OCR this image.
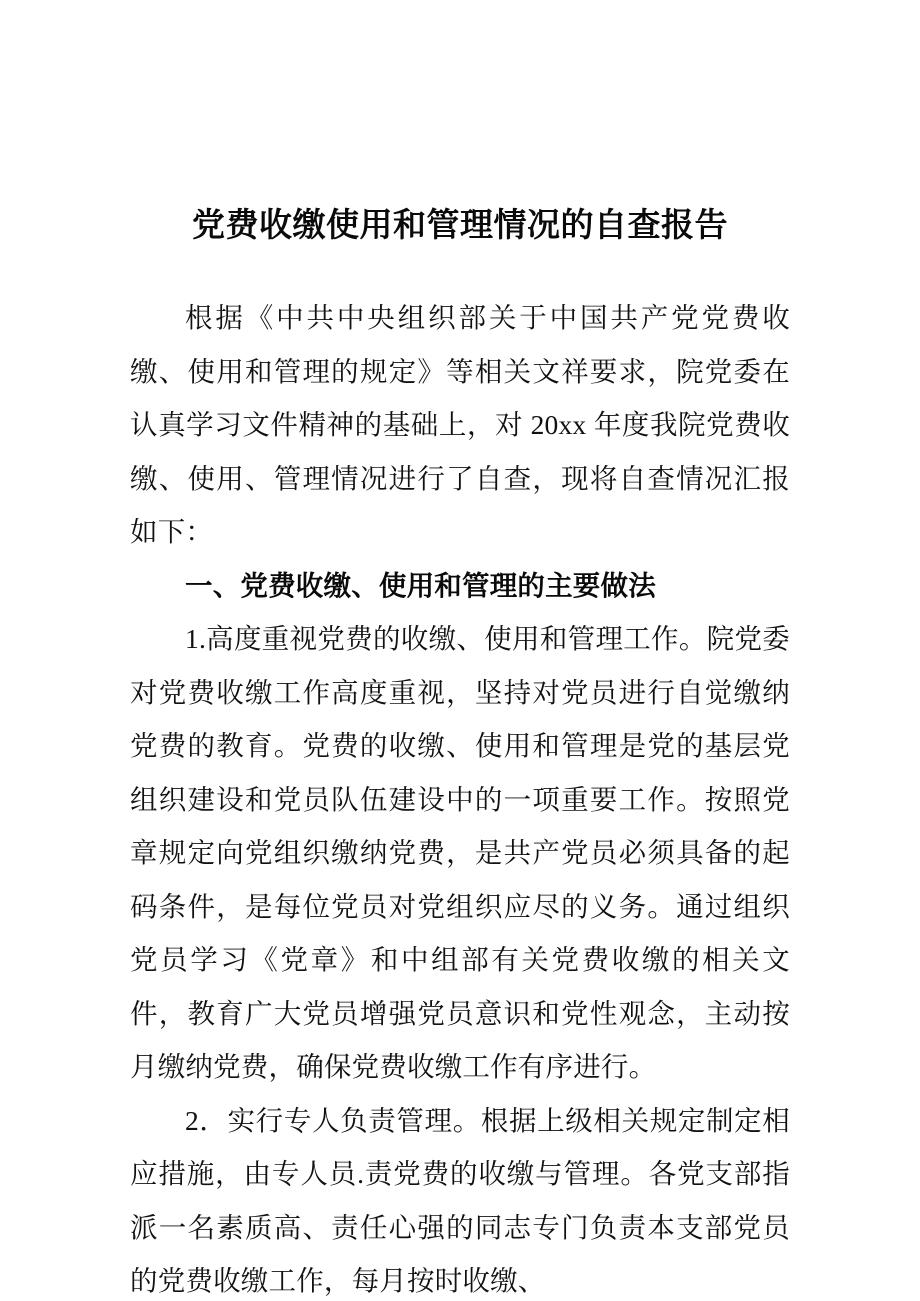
党费收缴使用和管理情况的自查报告

根据《中共中央组织部关于中国共产党党费收缴、使用和管理的规定》等相关文祥要求，院党委在认真学习文件精神的基础上，对 20xx 年度我院党费收缴、使用、管理情况进行了自查，现将自查情况汇报如下：

一、党费收缴、使用和管理的主要做法

1.高度重视党费的收缴、使用和管理工作。院党委对党费收缴工作高度重视，坚持对党员进行自觉缴纳党费的教育。党费的收缴、使用和管理是党的基层党组织建设和党员队伍建设中的一项重要工作。按照党章规定向党组织缴纳党费，是共产党员必须具备的起码条件，是每位党员对党组织应尽的义务。通过组织党员学习《党章》和中组部有关党费收缴的相关文件，教育广大党员增强党员意识和党性观念，主动按月缴纳党费，确保党费收缴工作有序进行。

2．实行专人负责管理。根据上级相关规定制定相应措施，由专人员.责党费的收缴与管理。各党支部指派一名素质高、责任心强的同志专门负责本支部党员的党费收缴工作，每月按时收缴、
